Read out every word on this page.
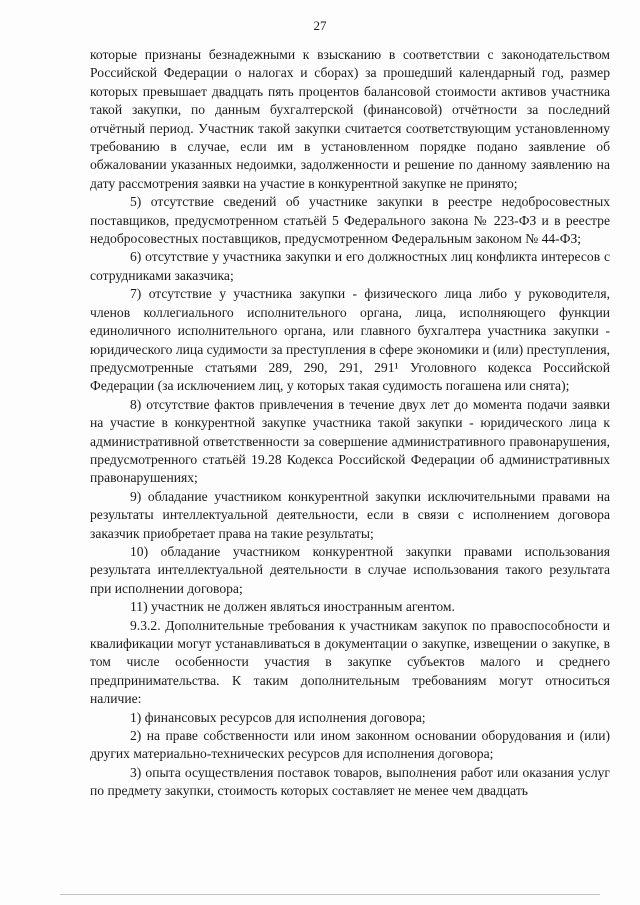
27

которые признаны безнадежными к взысканию в соответствии с законодательством Российской Федерации о налогах и сборах) за прошедший календарный год, размер которых превышает двадцать пять процентов балансовой стоимости активов участника такой закупки, по данным бухгалтерской (финансовой) отчётности за последний отчётный период. Участник такой закупки считается соответствующим установленному требованию в случае, если им в установленном порядке подано заявление об обжаловании указанных недоимки, задолженности и решение по данному заявлению на дату рассмотрения заявки на участие в конкурентной закупке не принято;

5) отсутствие сведений об участнике закупки в реестре недобросовестных поставщиков, предусмотренном статьёй 5 Федерального закона № 223-ФЗ и в реестре недобросовестных поставщиков, предусмотренном Федеральным законом № 44-ФЗ;

6) отсутствие у участника закупки и его должностных лиц конфликта интересов с сотрудниками заказчика;

7) отсутствие у участника закупки - физического лица либо у руководителя, членов коллегиального исполнительного органа, лица, исполняющего функции единоличного исполнительного органа, или главного бухгалтера участника закупки - юридического лица судимости за преступления в сфере экономики и (или) преступления, предусмотренные статьями 289, 290, 291, 291¹ Уголовного кодекса Российской Федерации (за исключением лиц, у которых такая судимость погашена или снята);

8) отсутствие фактов привлечения в течение двух лет до момента подачи заявки на участие в конкурентной закупке участника такой закупки - юридического лица к административной ответственности за совершение административного правонарушения, предусмотренного статьёй 19.28 Кодекса Российской Федерации об административных правонарушениях;

9) обладание участником конкурентной закупки исключительными правами на результаты интеллектуальной деятельности, если в связи с исполнением договора заказчик приобретает права на такие результаты;

10) обладание участником конкурентной закупки правами использования результата интеллектуальной деятельности в случае использования такого результата при исполнении договора;

11) участник не должен являться иностранным агентом.

9.3.2. Дополнительные требования к участникам закупок по правоспособности и квалификации могут устанавливаться в документации о закупке, извещении о закупке, в том числе особенности участия в закупке субъектов малого и среднего предпринимательства. К таким дополнительным требованиям могут относиться наличие:

1) финансовых ресурсов для исполнения договора;

2) на праве собственности или ином законном основании оборудования и (или) других материально-технических ресурсов для исполнения договора;

3) опыта осуществления поставок товаров, выполнения работ или оказания услуг по предмету закупки, стоимость которых составляет не менее чем двадцать
